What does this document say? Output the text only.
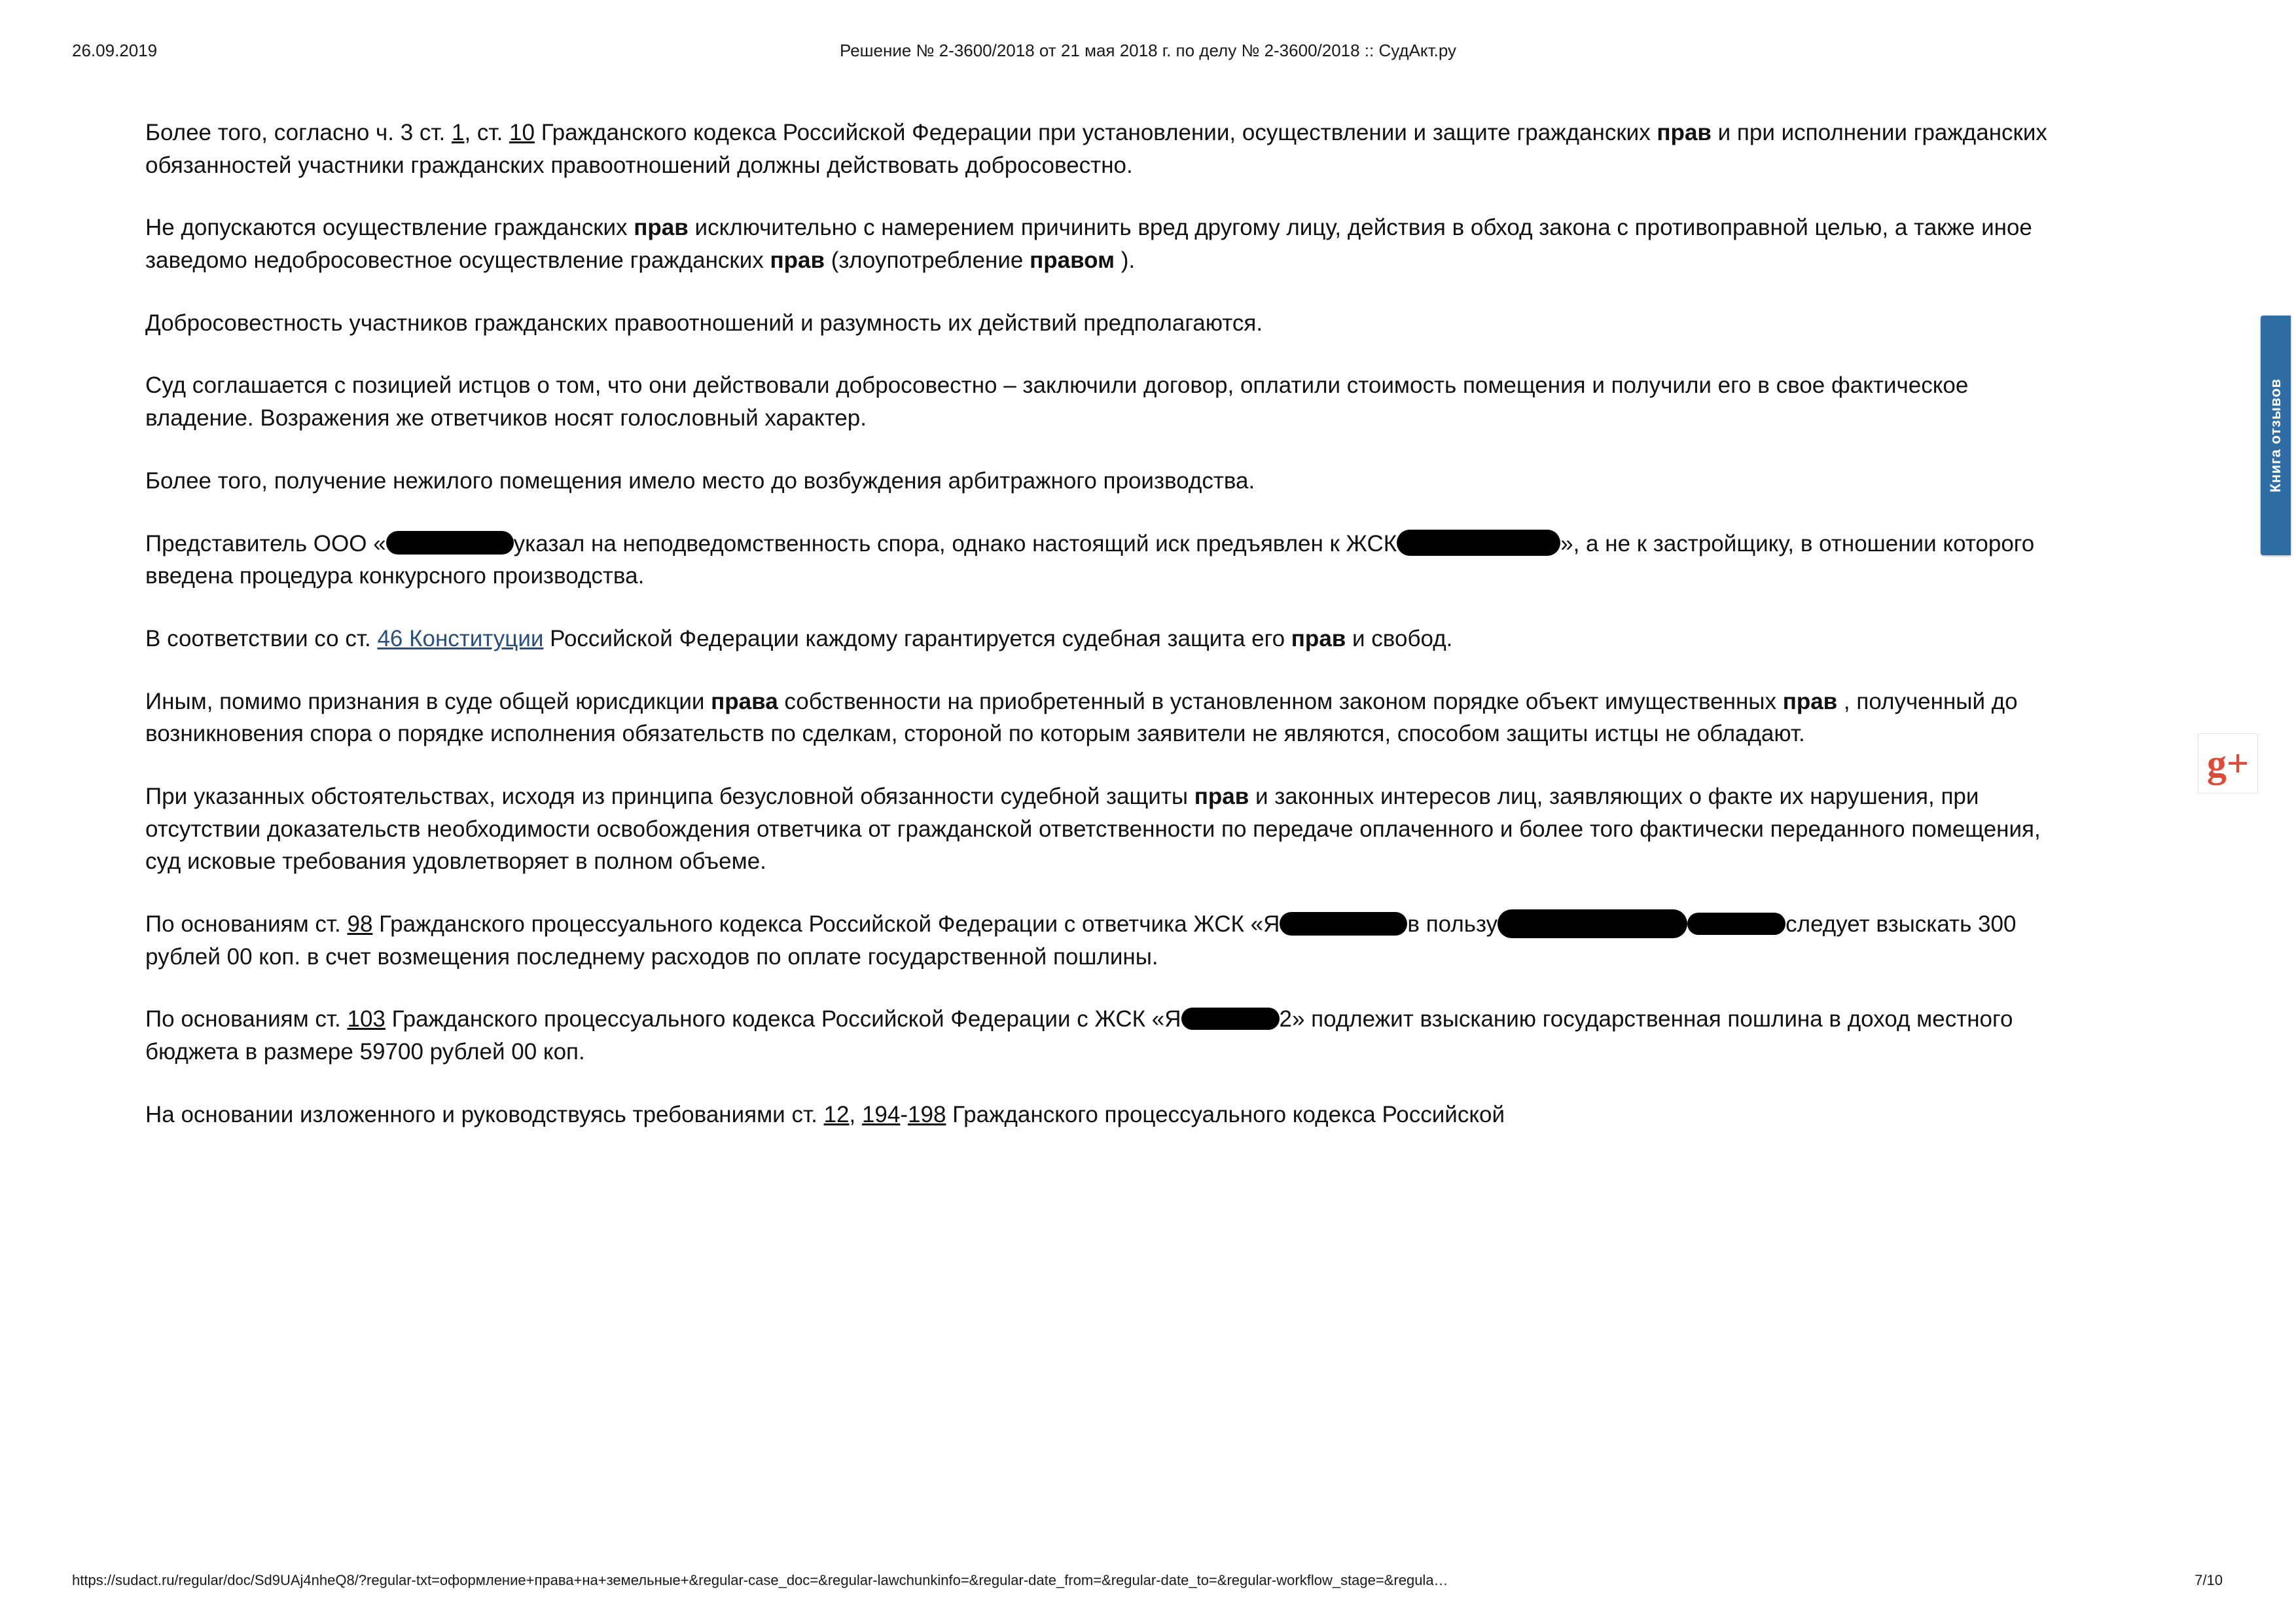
26.09.2019	Решение № 2-3600/2018 от 21 мая 2018 г. по делу № 2-3600/2018 :: СудАкт.ру

Более того, согласно ч. 3 ст. 1, ст. 10 Гражданского кодекса Российской Федерации при установлении, осуществлении и защите гражданских прав и при исполнении гражданских обязанностей участники гражданских правоотношений должны действовать добросовестно.

Не допускаются осуществление гражданских прав исключительно с намерением причинить вред другому лицу, действия в обход закона с противоправной целью, а также иное заведомо недобросовестное осуществление гражданских прав (злоупотребление правом ).

Добросовестность участников гражданских правоотношений и разумность их действий предполагаются.

Суд соглашается с позицией истцов о том, что они действовали добросовестно – заключили договор, оплатили стоимость помещения и получили его в свое фактическое владение. Возражения же ответчиков носят голословный характер.

Более того, получение нежилого помещения имело место до возбуждения арбитражного производства.

Представитель ООО «	указал на неподведомственность спора, однако настоящий иск предъявлен к ЖСК	», а не к застройщику, в отношении которого введена процедура конкурсного производства.

В соответствии со ст. 46 Конституции Российской Федерации каждому гарантируется судебная защита его прав и свобод.

Иным, помимо признания в суде общей юрисдикции права собственности на приобретенный в установленном законом порядке объект имущественных прав , полученный до возникновения спора о порядке исполнения обязательств по сделкам, стороной по которым заявители не являются, способом защиты истцы не обладают.

При указанных обстоятельствах, исходя из принципа безусловной обязанности судебной защиты прав и законных интересов лиц, заявляющих о факте их нарушения, при отсутствии доказательств необходимости освобождения ответчика от гражданской ответственности по передаче оплаченного и более того фактически переданного помещения, суд исковые требования удовлетворяет в полном объеме.

По основаниям ст. 98 Гражданского процессуального кодекса Российской Федерации с ответчика ЖСК «Я	в пользу	следует взыскать 300 рублей 00 коп. в счет возмещения последнему расходов по оплате государственной пошлины.

По основаниям ст. 103 Гражданского процессуального кодекса Российской Федерации с ЖСК «Я	2» подлежит взысканию государственная пошлина в доход местного бюджета в размере 59700 рублей 00 коп.

На основании изложенного и руководствуясь требованиями ст. 12, 194-198 Гражданского процессуального кодекса Российской

Книга отзывов
g+
https://sudact.ru/regular/doc/Sd9UAj4nheQ8/?regular-txt=оформление+права+на+земельные+&regular-case_doc=&regular-lawchunkinfo=&regular-date_from=&regular-date_to=&regular-workflow_stage=&regula…	7/10
